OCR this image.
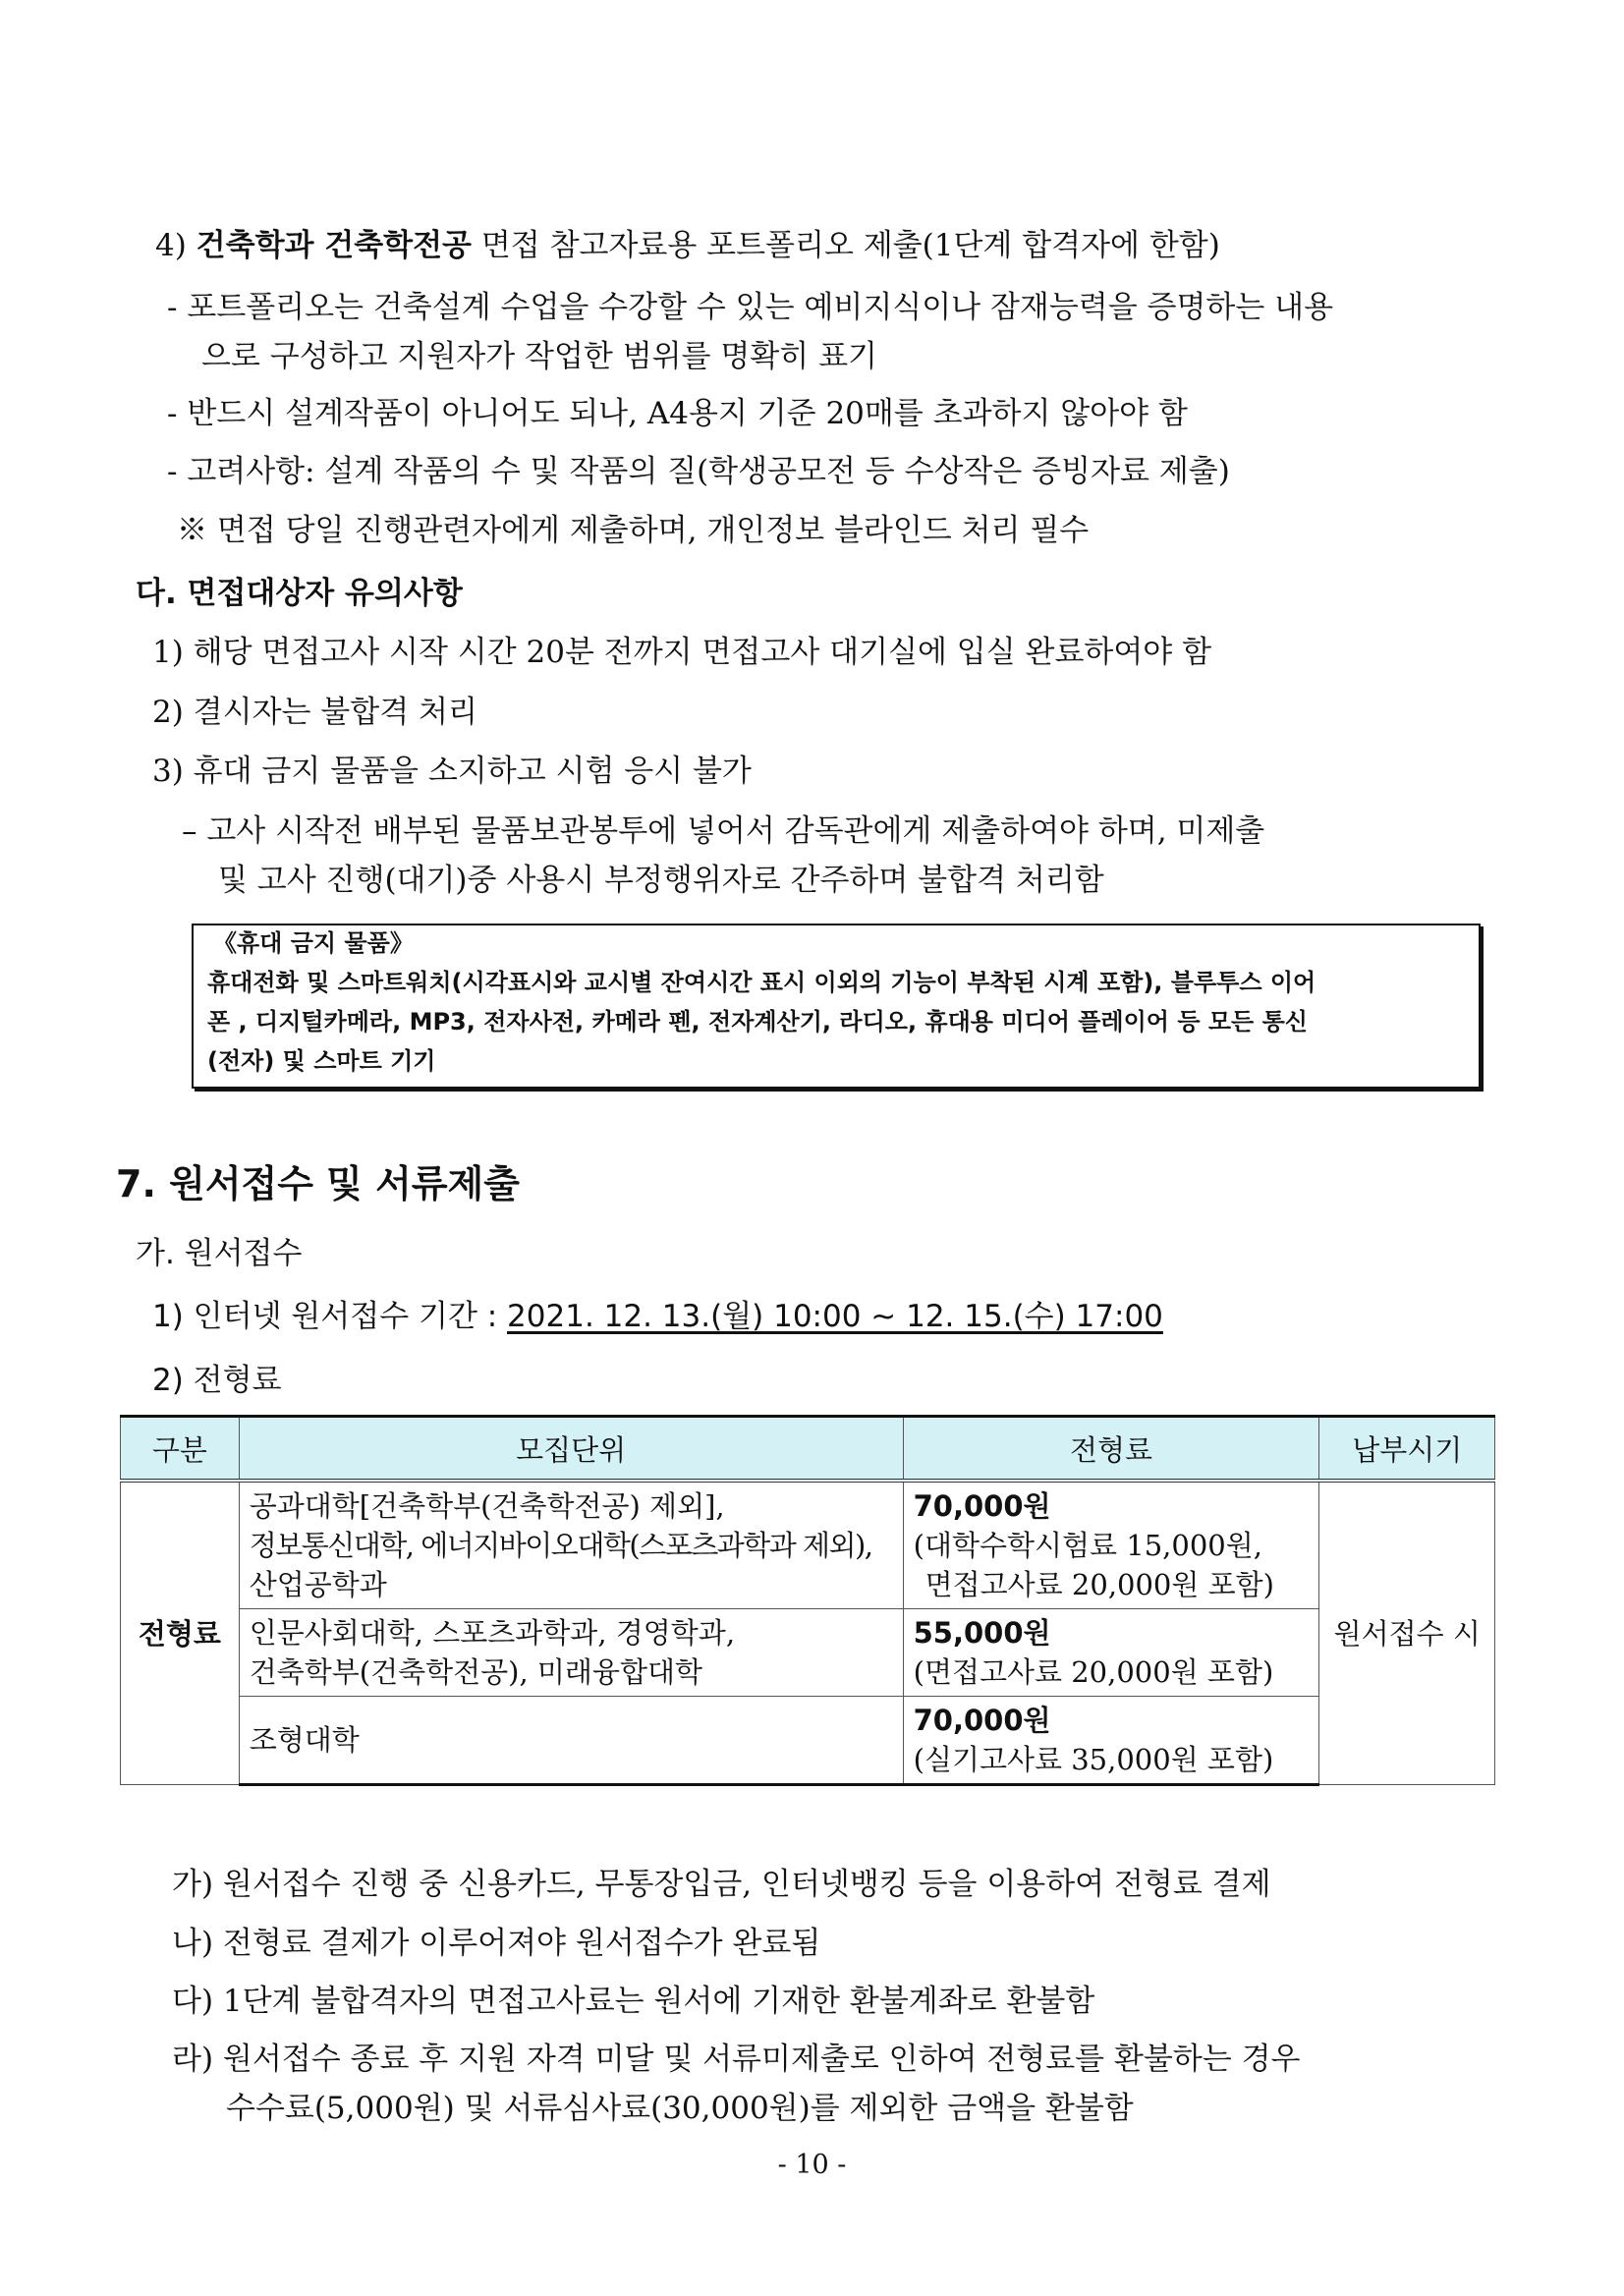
4) 건축학과 건축학전공 면접 참고자료용 포트폴리오 제출(1단계 합격자에 한함)
- 포트폴리오는 건축설계 수업을 수강할 수 있는 예비지식이나 잠재능력을 증명하는 내용
으로 구성하고 지원자가 작업한 범위를 명확히 표기
- 반드시 설계작품이 아니어도 되나, A4용지 기준 20매를 초과하지 않아야 함
- 고려사항: 설계 작품의 수 및 작품의 질(학생공모전 등 수상작은 증빙자료 제출)
※ 면접 당일 진행관련자에게 제출하며, 개인정보 블라인드 처리 필수
다. 면접대상자 유의사항
1) 해당 면접고사 시작 시간 20분 전까지 면접고사 대기실에 입실 완료하여야 함
2) 결시자는 불합격 처리
3) 휴대 금지 물품을 소지하고 시험 응시 불가
– 고사 시작전 배부된 물품보관봉투에 넣어서 감독관에게 제출하여야 하며, 미제출
및 고사 진행(대기)중 사용시 부정행위자로 간주하며 불합격 처리함
《휴대 금지 물품》
휴대전화 및 스마트워치(시각표시와 교시별 잔여시간 표시 이외의 기능이 부착된 시계 포함), 블루투스 이어
폰 , 디지털카메라, MP3, 전자사전, 카메라 펜, 전자계산기, 라디오, 휴대용 미디어 플레이어 등 모든 통신
(전자) 및 스마트 기기
7. 원서접수 및 서류제출
가. 원서접수
1) 인터넷 원서접수 기간 : 2021. 12. 13.(월) 10:00 ~ 12. 15.(수) 17:00
2) 전형료
구분	모집단위	전형료	납부시기
전형료	공과대학[건축학부(건축학전공) 제외],
정보통신대학, 에너지바이오대학(스포츠과학과 제외),
산업공학과	70,000원
(대학수학시험료 15,000원,
면접고사료 20,000원 포함)	원서접수 시

	인문사회대학, 스포츠과학과, 경영학과,
건축학부(건축학전공), 미래융합대학	55,000원
(면접고사료 20,000원 포함)	

	조형대학	70,000원
(실기고사료 35,000원 포함)	
가) 원서접수 진행 중 신용카드, 무통장입금, 인터넷뱅킹 등을 이용하여 전형료 결제
나) 전형료 결제가 이루어져야 원서접수가 완료됨
다) 1단계 불합격자의 면접고사료는 원서에 기재한 환불계좌로 환불함
라) 원서접수 종료 후 지원 자격 미달 및 서류미제출로 인하여 전형료를 환불하는 경우
수수료(5,000원) 및 서류심사료(30,000원)를 제외한 금액을 환불함
- 10 -
